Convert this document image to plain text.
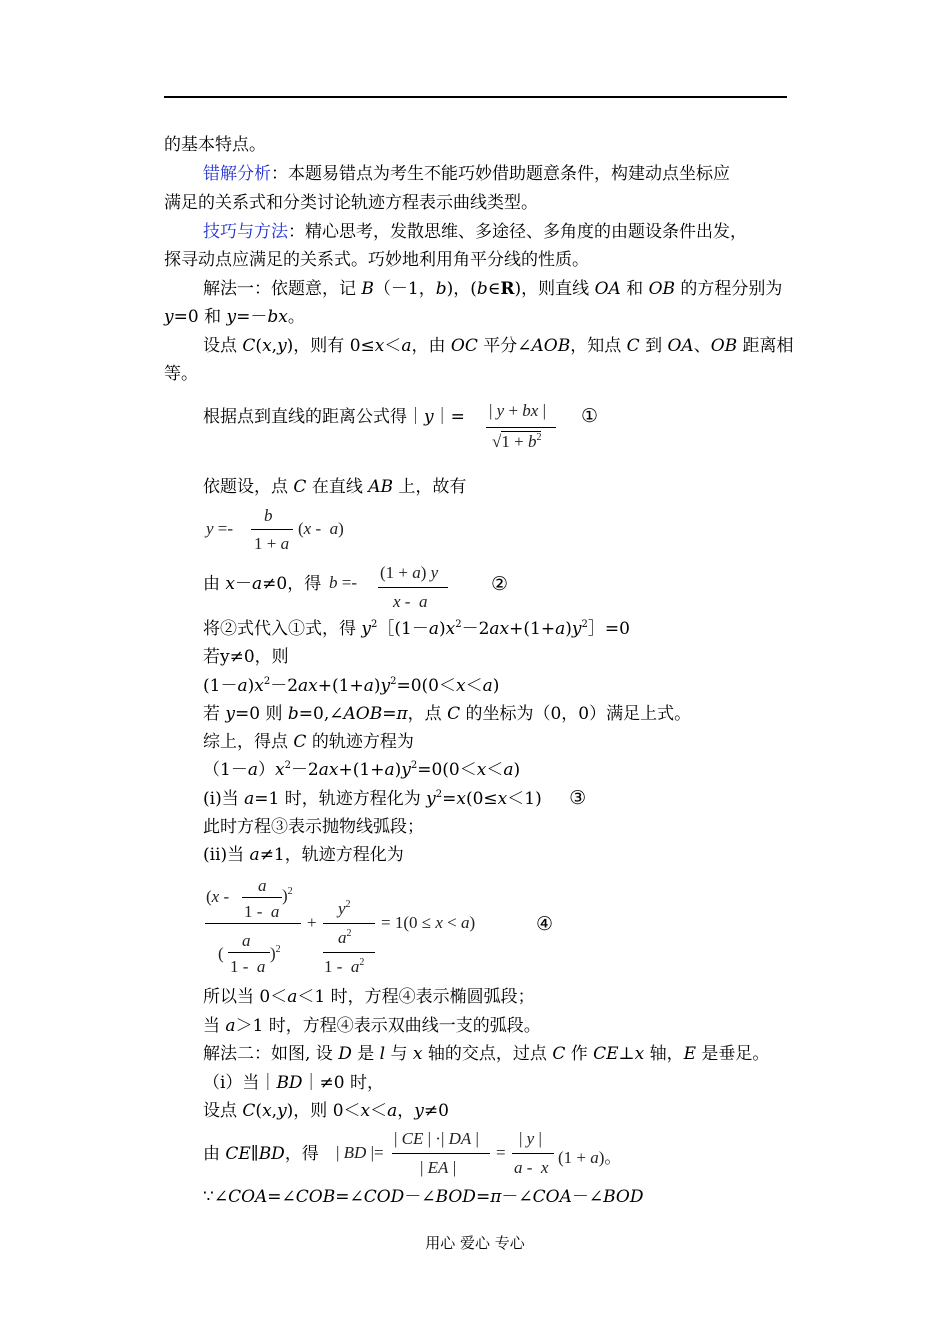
的基本特点。
错解分析：本题易错点为考生不能巧妙借助题意条件，构建动点坐标应
满足的关系式和分类讨论轨迹方程表示曲线类型。
技巧与方法：精心思考，发散思维、多途径、多角度的由题设条件出发，
探寻动点应满足的关系式。巧妙地利用角平分线的性质。
解法一：依题意，记 B（－1，b)，(b∈R)，则直线 OA 和 OB 的方程分别为
y=0 和 y=－bx。
设点 C(x,y)，则有 0≤x＜a，由 OC 平分∠AOB，知点 C 到 OA、OB 距离相
等。
根据点到直线的距离公式得｜y｜= | y + bx |
$√1 + b^2$
①
依题设，点 C 在直线 AB 上，故有
y =-
b
1 + a
(x -  a)
由 x－a≠0，得 b =-
(1 + a) y
x -  a
②
将②式代入①式，得 $y^2[(1-a)x^2-2ax+(1+a)y^2]=0$
若y≠0，则
$(1-a)x^2-2ax+(1+a)y^2=0(0<x<a)$
若 y=0 则 b=0,∠AOB=π，点 C 的坐标为（0，0）满足上式。
综上，得点 C 的轨迹方程为
$(1-a)x^2-2ax+(1+a)y^2=0(0<x<a)$
(i)当 a=1 时，轨迹方程化为 $y^2=x(0\le x<1)$ ③
此时方程③表示抛物线弧段；
(ii)当 a≠1，轨迹方程化为
(x -
a
1 -  a
)$^2$
(
a
1 -  a
)$^2$
+
$y^2$
$a^2$
$1 - a^2$
= 1(0 ≤ x < a)	④
所以当 0＜a＜1 时，方程④表示椭圆弧段；
当 a＞1 时，方程④表示双曲线一支的弧段。
解法二：如图, 设 D 是 l 与 x 轴的交点，过点 C 作 CE⊥x 轴，E 是垂足。
（i）当｜BD｜≠0 时，
设点 C(x,y)，则 0＜x＜a，y≠0
由 CE∥BD，得 | BD |=
| CE | ·| DA |
| EA |
=
| y |
a -  x
(1 + a)。
∵∠COA=∠COB=∠COD－∠BOD=π－∠COA－∠BOD
用心 爱心 专心
